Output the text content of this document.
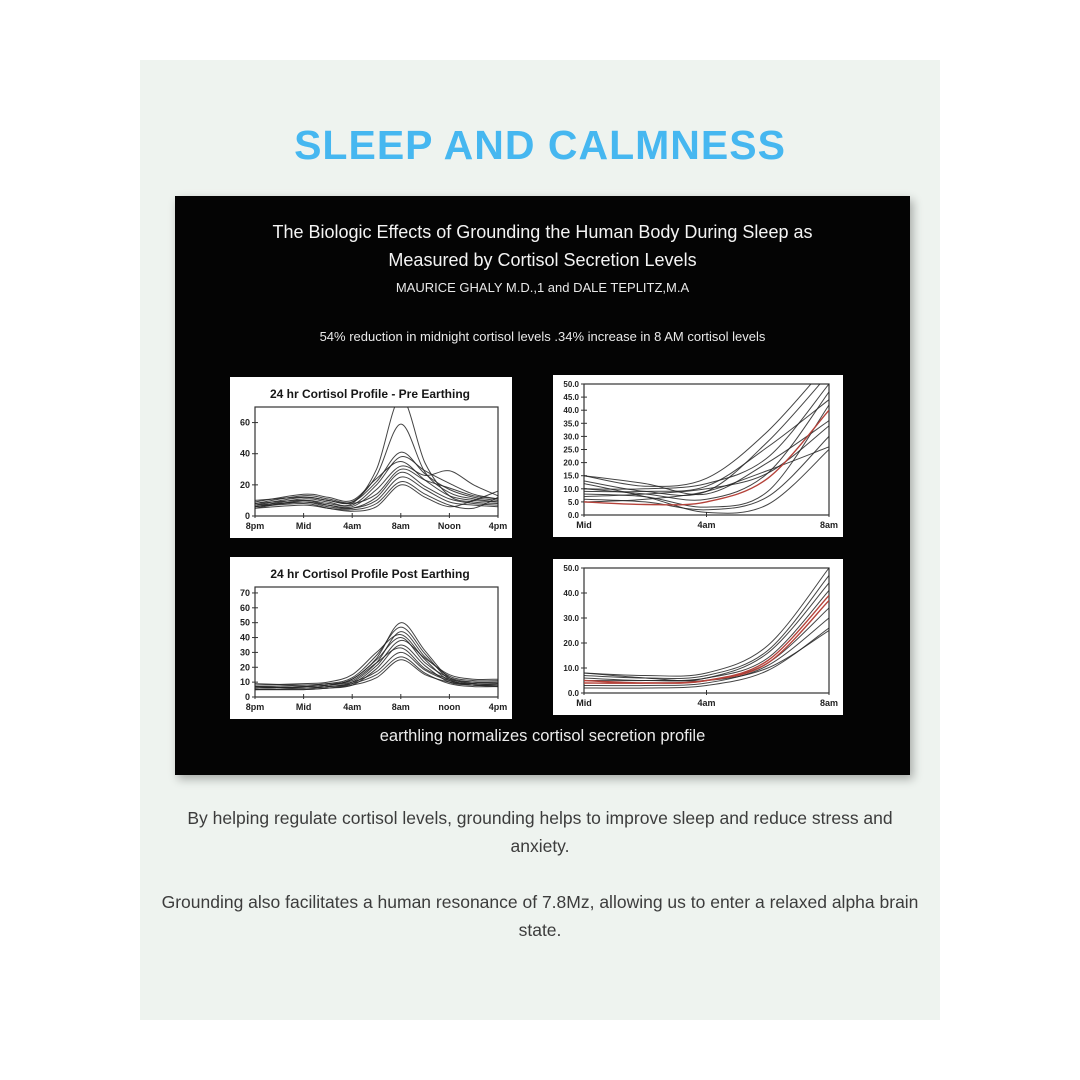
SLEEP AND CALMNESS
The Biologic Effects of Grounding the Human Body During Sleep as
Measured by Cortisol Secretion Levels
MAURICE GHALY M.D.,1 and DALE TEPLITZ,M.A
54% reduction in midnight cortisol levels .34% increase in 8 AM cortisol levels
24 hr Cortisol Profile - Pre Earthing
0
20
40
60
8pm	Mid	4am	8am	Noon	4pm
0.0
5.0
10.0
15.0
20.0
25.0
30.0
35.0
40.0
45.0
50.0
Mid	4am	8am
24 hr Cortisol Profile Post Earthing
0
10
20
30
40
50
60
70
8pm	Mid	4am	8am	noon	4pm
0.0
10.0
20.0
30.0
40.0
50.0
Mid	4am	8am
earthling normalizes cortisol secretion profile

By helping regulate cortisol levels, grounding helps to improve sleep and reduce stress and anxiety.

Grounding also facilitates a human resonance of 7.8Mz, allowing us to enter a relaxed alpha brain state.
